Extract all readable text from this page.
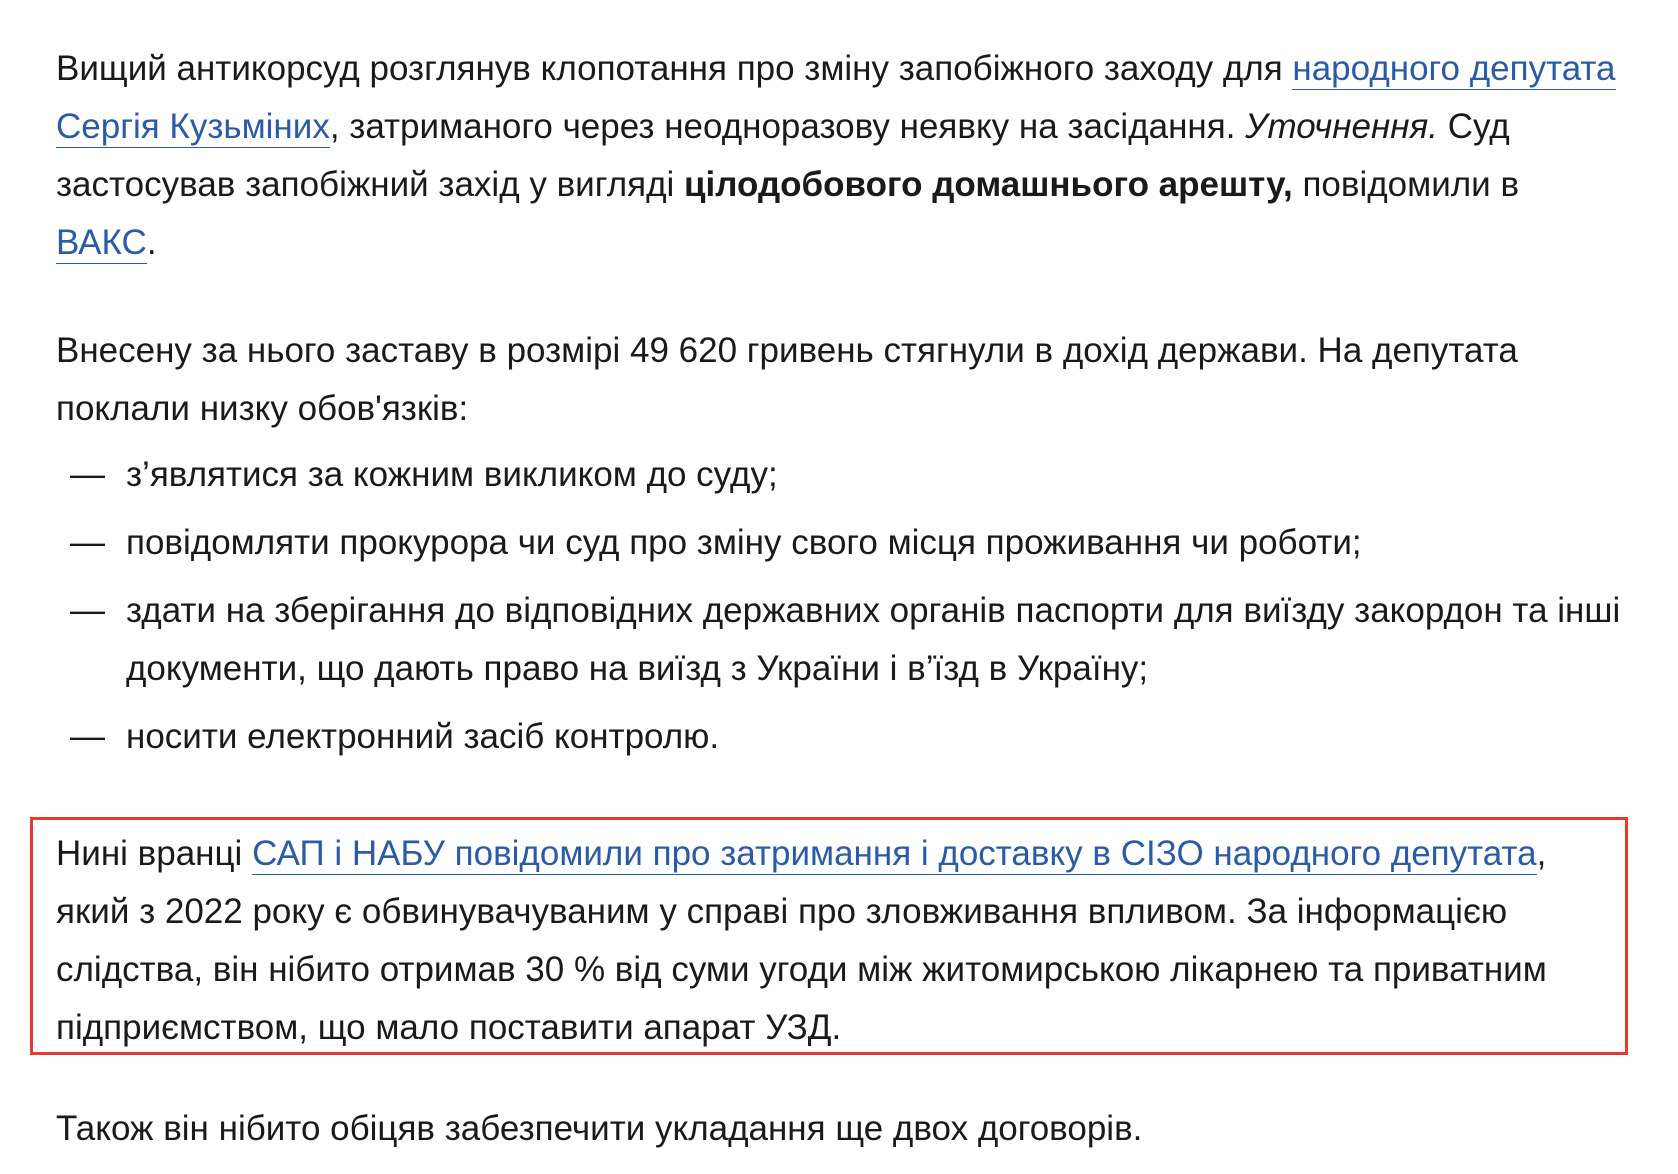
Вищий антикорсуд розглянув клопотання про зміну запобіжного заходу для народного депутата Сергія Кузьміних, затриманого через неодноразову неявку на засідання. Уточнення. Суд застосував запобіжний захід у вигляді цілодобового домашнього арешту, повідомили в ВАКС.

Внесену за нього заставу в розмірі 49 620 гривень стягнули в дохід держави. На депутата поклали низку обов'язків:

— з’являтися за кожним викликом до суду;
— повідомляти прокурора чи суд про зміну свого місця проживання чи роботи;
— здати на зберігання до відповідних державних органів паспорти для виїзду закордон та інші документи, що дають право на виїзд з України і в’їзд в Україну;
— носити електронний засіб контролю.

Нині вранці САП і НАБУ повідомили про затримання і доставку в СІЗО народного депутата, який з 2022 року є обвинувачуваним у справі про зловживання впливом. За інформацією слідства, він нібито отримав 30 % від суми угоди між житомирською лікарнею та приватним підприємством, що мало поставити апарат УЗД.

Також він нібито обіцяв забезпечити укладання ще двох договорів.
